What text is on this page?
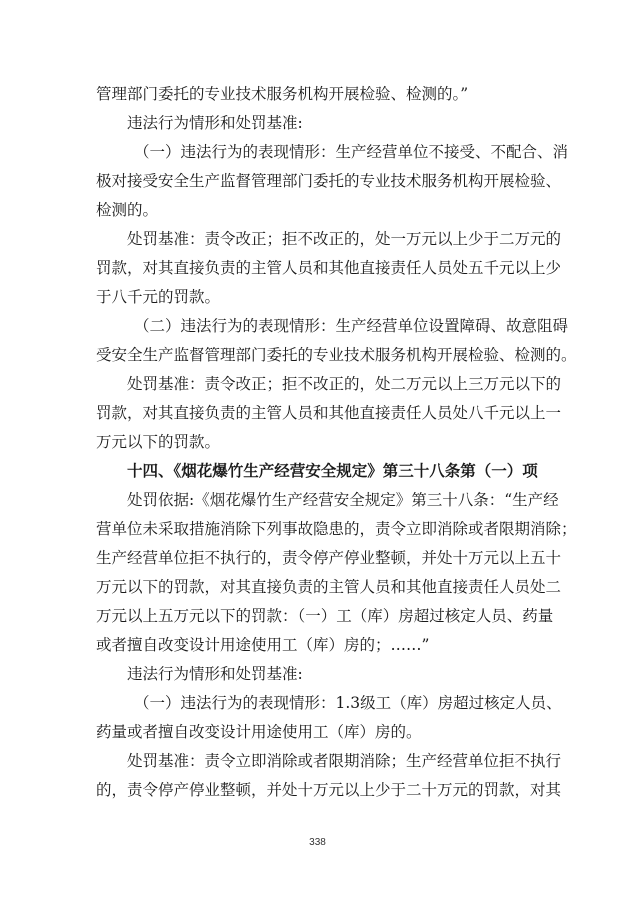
管理部门委托的专业技术服务机构开展检验、检测的。”
违法行为情形和处罚基准:
（一）违法行为的表现情形：生产经营单位不接受、不配合、消
极对接受安全生产监督管理部门委托的专业技术服务机构开展检验、
检测的。
处罚基准：责令改正；拒不改正的，处一万元以上少于二万元的
罚款，对其直接负责的主管人员和其他直接责任人员处五千元以上少
于八千元的罚款。
（二）违法行为的表现情形：生产经营单位设置障碍、故意阻碍
受安全生产监督管理部门委托的专业技术服务机构开展检验、检测的。
处罚基准：责令改正；拒不改正的，处二万元以上三万元以下的
罚款，对其直接负责的主管人员和其他直接责任人员处八千元以上一
万元以下的罚款。
十四、《烟花爆竹生产经营安全规定》第三十八条第（一）项
处罚依据:《烟花爆竹生产经营安全规定》第三十八条：“生产经
营单位未采取措施消除下列事故隐患的，责令立即消除或者限期消除；
生产经营单位拒不执行的，责令停产停业整顿，并处十万元以上五十
万元以下的罚款，对其直接负责的主管人员和其他直接责任人员处二
万元以上五万元以下的罚款：（一）工（库）房超过核定人员、药量
或者擅自改变设计用途使用工（库）房的；……”
违法行为情形和处罚基准:
（一）违法行为的表现情形：1.3级工（库）房超过核定人员、
药量或者擅自改变设计用途使用工（库）房的。
处罚基准：责令立即消除或者限期消除；生产经营单位拒不执行
的，责令停产停业整顿，并处十万元以上少于二十万元的罚款，对其
338
